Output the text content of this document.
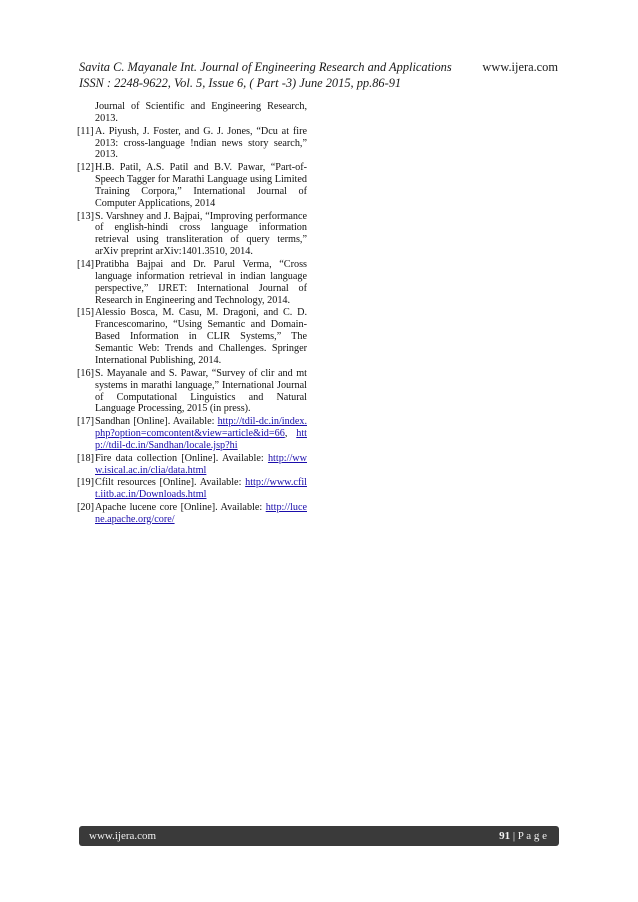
Savita C. Mayanale Int. Journal of Engineering Research and Applications
ISSN : 2248-9622, Vol. 5, Issue 6, ( Part -3) June 2015, pp.86-91
www.ijera.com
Journal of Scientific and Engineering Research, 2013.
[11] A. Piyush, J. Foster, and G. J. Jones, “Dcu at fire 2013: cross-language !ndian news story search,” 2013.
[12] H.B. Patil, A.S. Patil and B.V. Pawar, “Part-of-Speech Tagger for Marathi Language using Limited Training Corpora,” International Journal of Computer Applications, 2014
[13] S. Varshney and J. Bajpai, “Improving performance of english-hindi cross language information retrieval using transliteration of query terms,” arXiv preprint arXiv:1401.3510, 2014.
[14] Pratibha Bajpai and Dr. Parul Verma, “Cross language information retrieval in indian language perspective,” IJRET: International Journal of Research in Engineering and Technology, 2014.
[15] Alessio Bosca, M. Casu, M. Dragoni, and C. D. Francescomarino, “Using Semantic and Domain-Based Information in CLIR Systems,” The Semantic Web: Trends and Challenges. Springer International Publishing, 2014.
[16] S. Mayanale and S. Pawar, “Survey of clir and mt systems in marathi language,” International Journal of Computational Linguistics and Natural Language Processing, 2015 (in press).
[17] Sandhan [Online]. Available: http://tdil-dc.in/index.php?option=comcontent&view=article&id=66, http://tdil-dc.in/Sandhan/locale.jsp?hi
[18] Fire data collection [Online]. Available: http://www.isical.ac.in/clia/data.html
[19] Cfilt resources [Online]. Available: http://www.cfilt.iitb.ac.in/Downloads.html
[20] Apache lucene core [Online]. Available: http://lucene.apache.org/core/
www.ijera.com	91 | P a g e
